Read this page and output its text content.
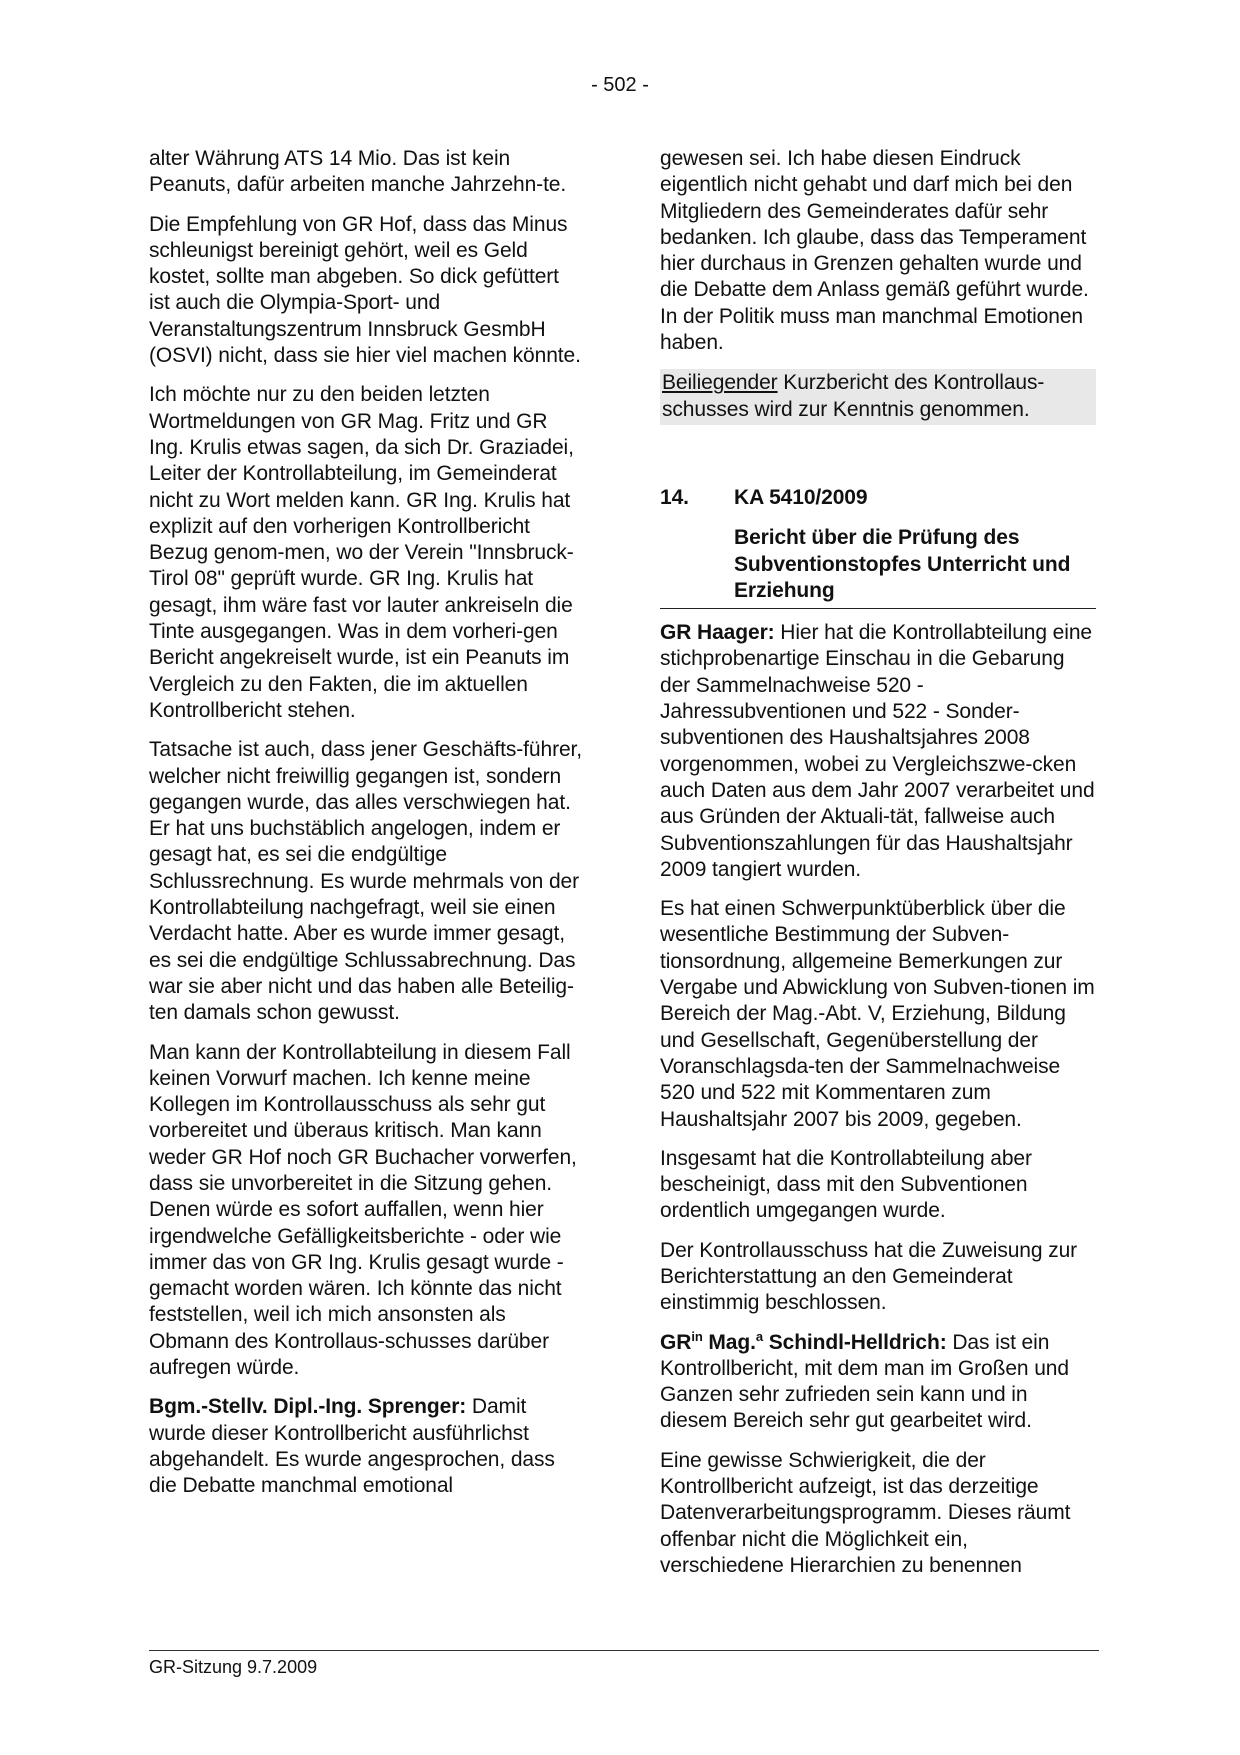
- 502 -

alter Währung ATS 14 Mio. Das ist kein Peanuts, dafür arbeiten manche Jahrzehn-te.

Die Empfehlung von GR Hof, dass das Minus schleunigst bereinigt gehört, weil es Geld kostet, sollte man abgeben. So dick gefüttert ist auch die Olympia-Sport- und Veranstaltungszentrum Innsbruck GesmbH (OSVI) nicht, dass sie hier viel machen könnte.

Ich möchte nur zu den beiden letzten Wortmeldungen von GR Mag. Fritz und GR Ing. Krulis etwas sagen, da sich Dr. Graziadei, Leiter der Kontrollabteilung, im Gemeinderat nicht zu Wort melden kann. GR Ing. Krulis hat explizit auf den vorherigen Kontrollbericht Bezug genom-men, wo der Verein "Innsbruck-Tirol 08" geprüft wurde. GR Ing. Krulis hat gesagt, ihm wäre fast vor lauter ankreiseln die Tinte ausgegangen. Was in dem vorheri-gen Bericht angekreiselt wurde, ist ein Peanuts im Vergleich zu den Fakten, die im aktuellen Kontrollbericht stehen.

Tatsache ist auch, dass jener Geschäfts-führer, welcher nicht freiwillig gegangen ist, sondern gegangen wurde, das alles verschwiegen hat. Er hat uns buchstäblich angelogen, indem er gesagt hat, es sei die endgültige Schlussrechnung. Es wurde mehrmals von der Kontrollabteilung nachgefragt, weil sie einen Verdacht hatte. Aber es wurde immer gesagt, es sei die endgültige Schlussabrechnung. Das war sie aber nicht und das haben alle Beteilig-ten damals schon gewusst.

Man kann der Kontrollabteilung in diesem Fall keinen Vorwurf machen. Ich kenne meine Kollegen im Kontrollausschuss als sehr gut vorbereitet und überaus kritisch. Man kann weder GR Hof noch GR Buchacher vorwerfen, dass sie unvorbereitet in die Sitzung gehen. Denen würde es sofort auffallen, wenn hier irgendwelche Gefälligkeitsberichte - oder wie immer das von GR Ing. Krulis gesagt wurde - gemacht worden wären. Ich könnte das nicht feststellen, weil ich mich ansonsten als Obmann des Kontrollaus-schusses darüber aufregen würde.

Bgm.-Stellv. Dipl.-Ing. Sprenger: Damit wurde dieser Kontrollbericht ausführlichst abgehandelt. Es wurde angesprochen, dass die Debatte manchmal emotional

gewesen sei. Ich habe diesen Eindruck eigentlich nicht gehabt und darf mich bei den Mitgliedern des Gemeinderates dafür sehr bedanken. Ich glaube, dass das Temperament hier durchaus in Grenzen gehalten wurde und die Debatte dem Anlass gemäß geführt wurde. In der Politik muss man manchmal Emotionen haben.

Beiliegender Kurzbericht des Kontrollaus-schusses wird zur Kenntnis genommen.

14.	KA 5410/2009
Bericht über die Prüfung des Subventionstopfes Unterricht und Erziehung

GR Haager: Hier hat die Kontrollabteilung eine stichprobenartige Einschau in die Gebarung der Sammelnachweise 520 - Jahressubventionen und 522 - Sonder-subventionen des Haushaltsjahres 2008 vorgenommen, wobei zu Vergleichszwe-cken auch Daten aus dem Jahr 2007 verarbeitet und aus Gründen der Aktuali-tät, fallweise auch Subventionszahlungen für das Haushaltsjahr 2009 tangiert wurden.

Es hat einen Schwerpunktüberblick über die wesentliche Bestimmung der Subven-tionsordnung, allgemeine Bemerkungen zur Vergabe und Abwicklung von Subven-tionen im Bereich der Mag.-Abt. V, Erziehung, Bildung und Gesellschaft, Gegenüberstellung der Voranschlagsda-ten der Sammelnachweise 520 und 522 mit Kommentaren zum Haushaltsjahr 2007 bis 2009, gegeben.

Insgesamt hat die Kontrollabteilung aber bescheinigt, dass mit den Subventionen ordentlich umgegangen wurde.

Der Kontrollausschuss hat die Zuweisung zur Berichterstattung an den Gemeinderat einstimmig beschlossen.

$GR^{in}$ Mag.$^a$ Schindl-Helldrich: Das ist ein Kontrollbericht, mit dem man im Großen und Ganzen sehr zufrieden sein kann und in diesem Bereich sehr gut gearbeitet wird.

Eine gewisse Schwierigkeit, die der Kontrollbericht aufzeigt, ist das derzeitige Datenverarbeitungsprogramm. Dieses räumt offenbar nicht die Möglichkeit ein, verschiedene Hierarchien zu benennen

GR-Sitzung 9.7.2009
